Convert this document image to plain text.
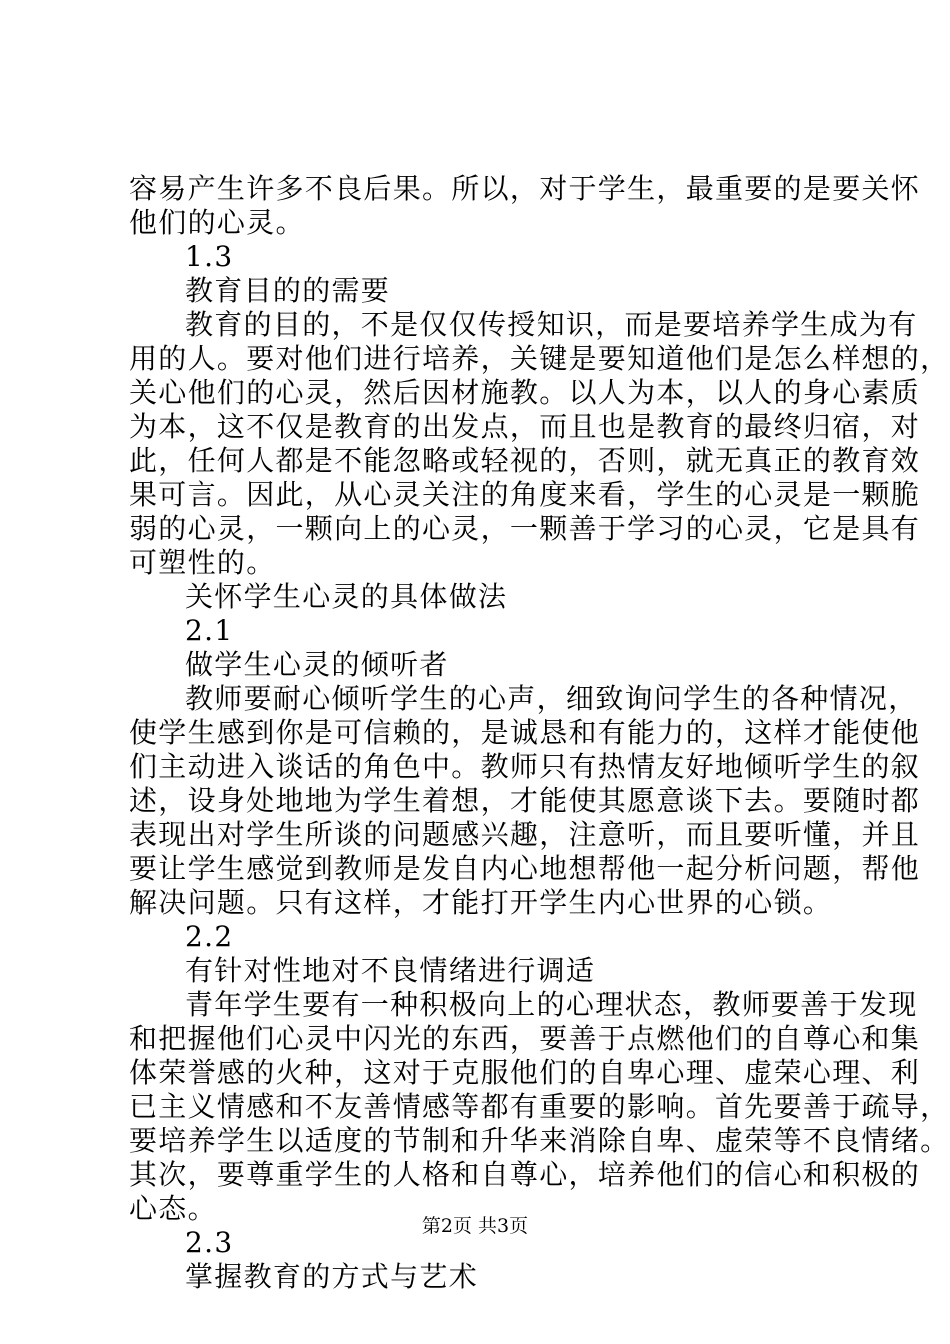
容易产生许多不良后果。所以，对于学生，最重要的是要关怀
他们的心灵。
1.3
教育目的的需要
教育的目的，不是仅仅传授知识，而是要培养学生成为有
用的人。要对他们进行培养，关键是要知道他们是怎么样想的，
关心他们的心灵，然后因材施教。以人为本，以人的身心素质
为本，这不仅是教育的出发点，而且也是教育的最终归宿，对
此，任何人都是不能忽略或轻视的，否则，就无真正的教育效
果可言。因此，从心灵关注的角度来看，学生的心灵是一颗脆
弱的心灵，一颗向上的心灵，一颗善于学习的心灵，它是具有
可塑性的。
关怀学生心灵的具体做法
2.1
做学生心灵的倾听者
教师要耐心倾听学生的心声，细致询问学生的各种情况，
使学生感到你是可信赖的，是诚恳和有能力的，这样才能使他
们主动进入谈话的角色中。教师只有热情友好地倾听学生的叙
述，设身处地地为学生着想，才能使其愿意谈下去。要随时都
表现出对学生所谈的问题感兴趣，注意听，而且要听懂，并且
要让学生感觉到教师是发自内心地想帮他一起分析问题，帮他
解决问题。只有这样，才能打开学生内心世界的心锁。
2.2
有针对性地对不良情绪进行调适
青年学生要有一种积极向上的心理状态，教师要善于发现
和把握他们心灵中闪光的东西，要善于点燃他们的自尊心和集
体荣誉感的火种，这对于克服他们的自卑心理、虚荣心理、利
已主义情感和不友善情感等都有重要的影响。首先要善于疏导，
要培养学生以适度的节制和升华来消除自卑、虚荣等不良情绪。
其次，要尊重学生的人格和自尊心，培养他们的信心和积极的
心态。
2.3
掌握教育的方式与艺术
第2页 共3页
